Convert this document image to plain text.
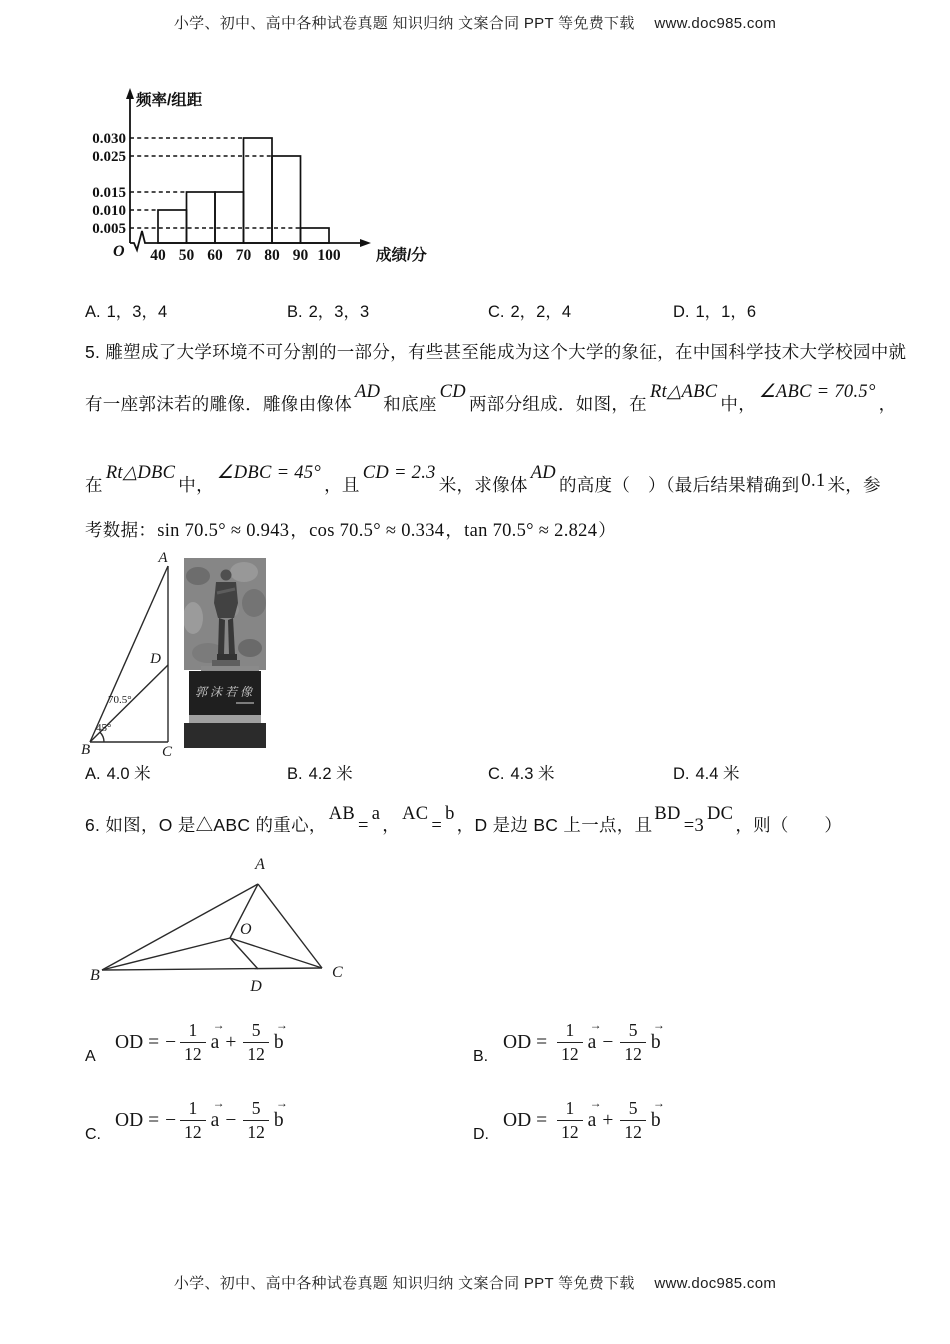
小学、初中、高中各种试卷真题 知识归纳 文案合同 PPT 等免费下载　 www.doc985.com
0.030
0.025
0.015
0.010
0.005
40 50 60 70 80 90 100 成绩/分
频率/组距
O
A. 1，3，4	B. 2，3，3	C. 2，2，4	D. 1，1，6
5. 雕塑成了大学环境不可分割的一部分，有些甚至能成为这个大学的象征，在中国科学技术大学校园中就
有一座郭沫若的雕像．雕像由像体AD和底座CD两部分组成．如图，在Rt△ABC中，∠ABC = 70.5°，
在Rt△DBC中，∠DBC = 45°，且CD = 2.3米，求像体AD的高度（　）（最后结果精确到 0.1 米，参
考数据：sin 70.5° ≈ 0.943，cos 70.5° ≈ 0.334，tan 70.5° ≈ 2.824）
A
B	C
D
70.5°
45°
郭沫若像
A. 4.0 米	B. 4.2 米	C. 4.3 米	D. 4.4 米
6. 如图，O 是△ABC 的重心，AB=a，AC=b，D 是边 BC 上一点，且BD=3DC，则（　　）
A
B	C
D
O
A
OD = − $\frac{1}{12}$ →
$a + \frac{5}{12}$ →
b
B.
OD = $\frac{1}{12}$ →
$a - \frac{5}{12}$ →
b
C.
OD = − $\frac{1}{12}$ →
$a - \frac{5}{12}$ →
b
D.
OD = $\frac{1}{12}$ →
$a + \frac{5}{12}$ →
b
小学、初中、高中各种试卷真题 知识归纳 文案合同 PPT 等免费下载　 www.doc985.com
